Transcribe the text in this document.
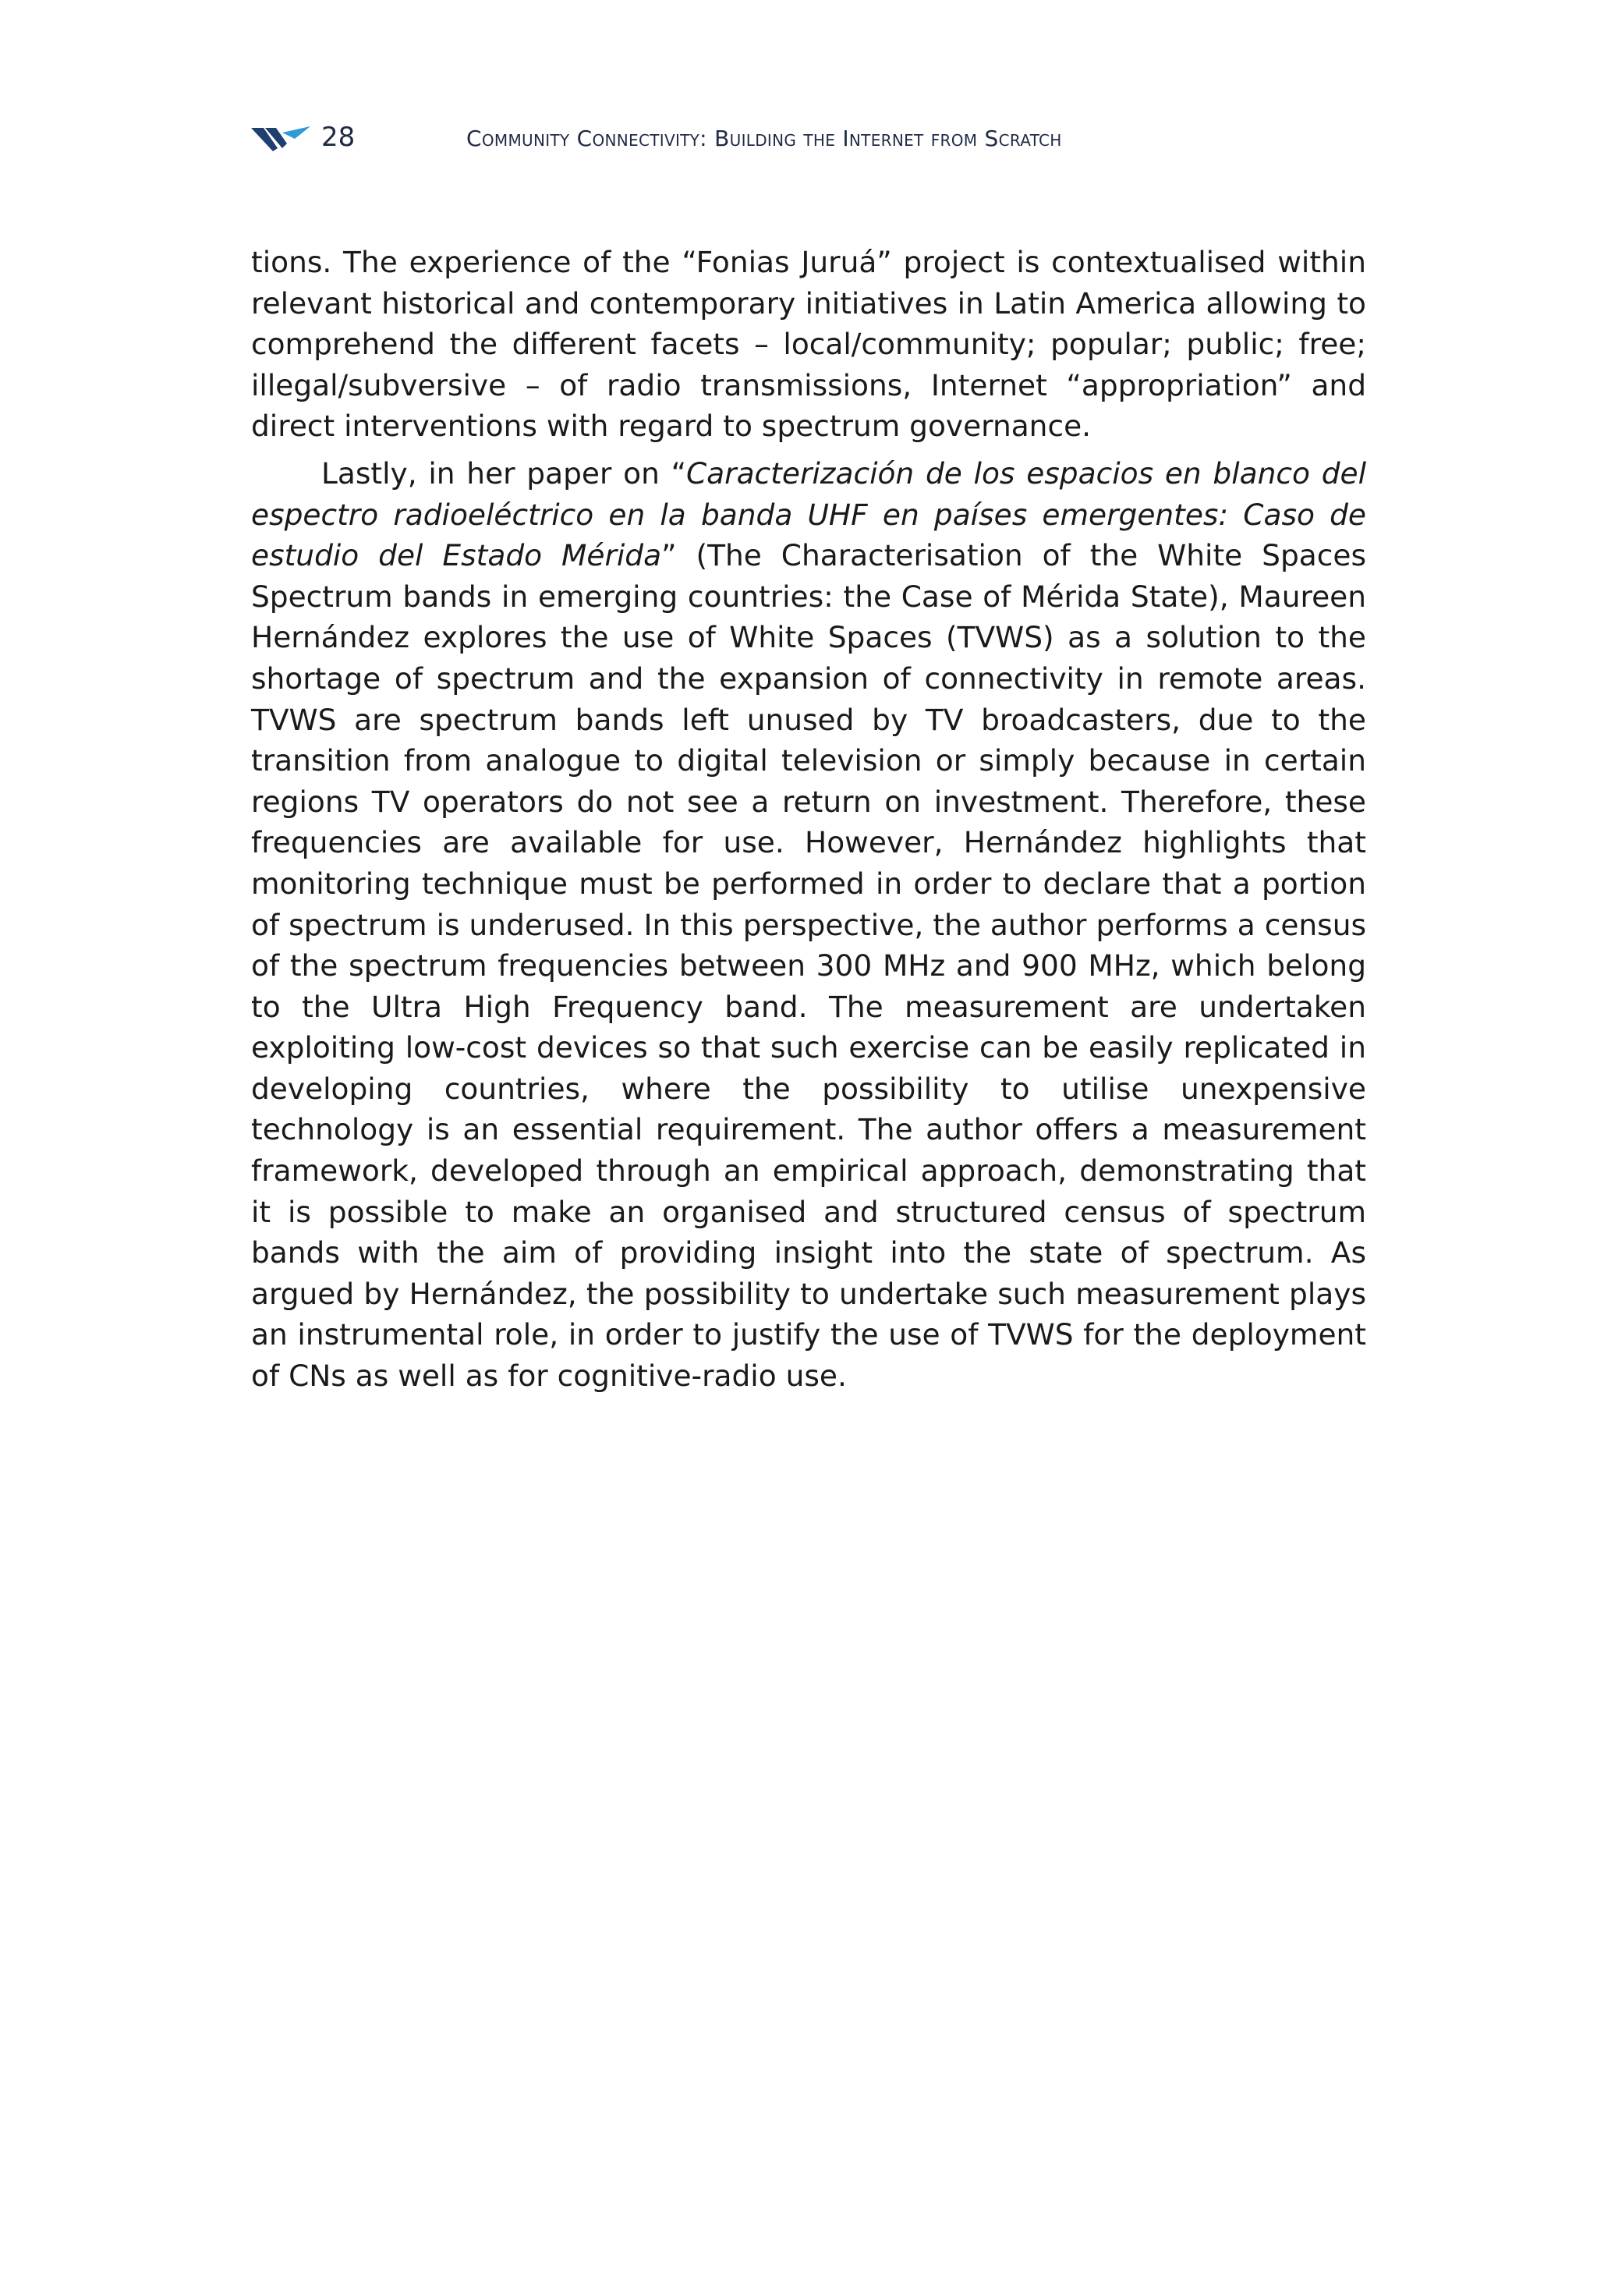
28	Community Connectivity: Building the Internet from Scratch

tions. The experience of the “Fonias Juruá” project is contextualised within relevant historical and contemporary initiatives in Latin America allowing to comprehend the different facets – local/community; popular; public; free; illegal/subversive – of radio transmissions, Internet “appropriation” and direct interventions with regard to spectrum governance.

Lastly, in her paper on “Caracterización de los espacios en blanco del espectro radioeléctrico en la banda UHF en países emergentes: Caso de estudio del Estado Mérida” (The Characterisation of the White Spaces Spectrum bands in emerging countries: the Case of Mérida State), Maureen Hernández explores the use of White Spaces (TVWS) as a solution to the shortage of spectrum and the expansion of connectivity in remote areas. TVWS are spectrum bands left unused by TV broadcasters, due to the transition from analogue to digital television or simply because in certain regions TV operators do not see a return on investment. Therefore, these frequencies are available for use. However, Hernández highlights that monitoring technique must be performed in order to declare that a portion of spectrum is underused. In this perspective, the author performs a census of the spectrum frequencies between 300 MHz and 900 MHz, which belong to the Ultra High Frequency band. The measurement are undertaken exploiting low-cost devices so that such exercise can be easily replicated in developing countries, where the possibility to utilise unexpensive technology is an essential requirement. The author offers a measurement framework, developed through an empirical approach, demonstrating that it is possible to make an organised and structured census of spectrum bands with the aim of providing insight into the state of spectrum. As argued by Hernández, the possibility to undertake such measurement plays an instrumental role, in order to justify the use of TVWS for the deployment of CNs as well as for cognitive-radio use.
